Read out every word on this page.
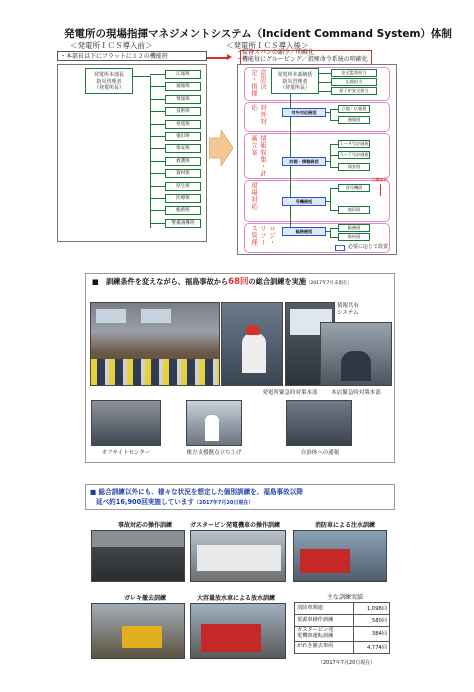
発電所の現場指揮マネジメントシステム（Incident Command System）体制
＜発電所ＩＣＳ導入前＞	＜発電所ＩＣＳ導入後＞
・本部長以下にフラットに１２の機能班
・監督スパンの縮少／明確化
・機能毎にグルーピング／指揮命令系統の明確化
発電所本部長
防災管理者
（発電所長）
広報班
通報班
情報班
技術班
発電班
復旧班
保安班
救護班
資材班
厚生班
医療班
総務班
警備誘導班
意思決定・指揮
対外対応
情報収集・計画立案
現場対応
ロジ・リソース管理
発電所本部統括
防災管理者
（発電所長）
安全監督担当
広報担当
原子炉安全担当
対外対応統括
立地・広報班
通報班
計画・情報統括
１～４号計画班
５～７号計画班
保安班
号機統括
各号機班
復旧班
総務統括
総務班
資材班
号機横断
必要に応じて設置
■　訓練条件を変えながら、福島事故から68回の総合訓練を実施（2017年7月末現在）
情報共有
システム
発電所緊急時対策本部	本店緊急時対策本部
オフサイトセンター	後方支援拠点立ち上げ	自治体への通報
■ 総合訓練以外にも、様々な状況を想定した個別訓練を、福島事故以降
延べ約16,900回実施しています（2017年7月20日現在）
事故対応の操作訓練	ガスタービン発電機車の操作訓練	消防車による注水訓練
ガレキ撤去訓練	大容量放水車による放水訓練	主な訓練実績
消防車関連	1,098回
電源車操作訓練	580回
ガスタービン発
電機車運転訓練	384回
がれき撤去車両	4,774回
（2017年7月20日現在）
